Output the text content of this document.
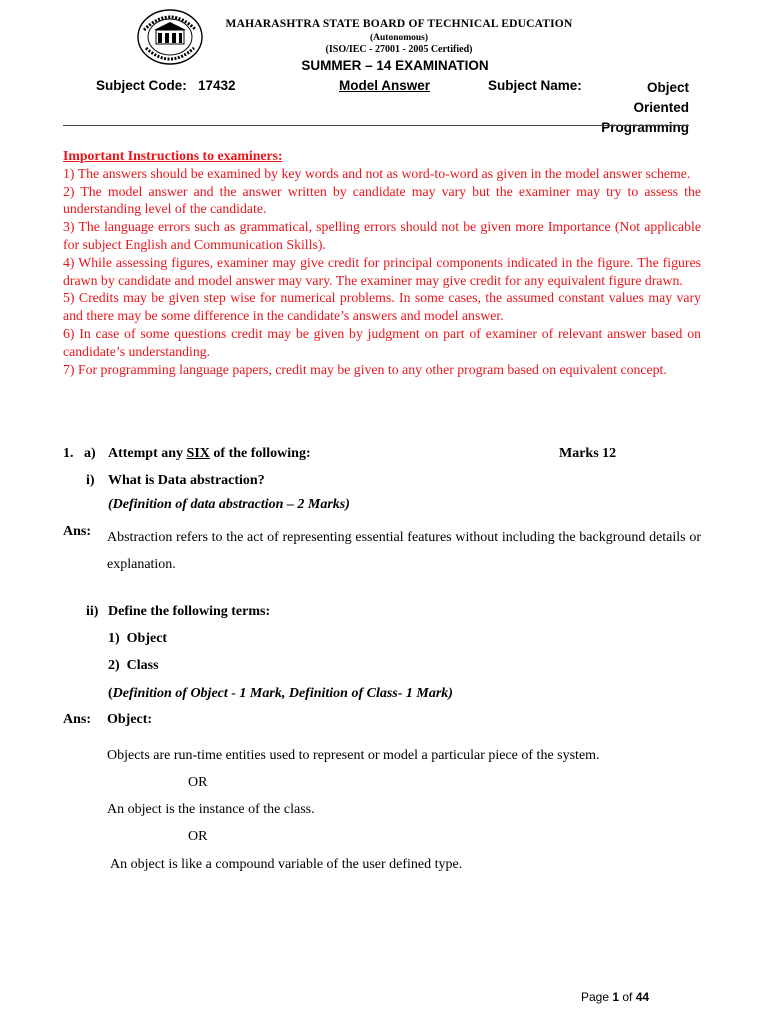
MAHARASHTRA STATE BOARD OF TECHNICAL EDUCATION
(Autonomous)
(ISO/IEC - 27001 - 2005 Certified)
SUMMER – 14 EXAMINATION
Subject Code: 17432	Model Answer	Subject Name:	Object Oriented Programming
Important Instructions to examiners:

1) The answers should be examined by key words and not as word-to-word as given in the model answer scheme.

2) The model answer and the answer written by candidate may vary but the examiner may try to assess the     understanding level of the candidate.

3) The language errors such as grammatical, spelling errors should not be given more Importance (Not applicable for subject English and Communication Skills).

4) While assessing figures, examiner may give credit for principal components indicated in the figure. The figures drawn by candidate and model answer may vary. The examiner may give credit for any equivalent figure drawn.

5) Credits may be given step wise for numerical problems. In some cases, the assumed constant values may vary and there may be some difference in the candidate’s answers and model answer.

6) In case of some questions credit may be given by judgment on part of examiner of relevant answer based on candidate’s understanding.

7) For programming language papers, credit may be given to any other program based on equivalent concept.

1. a) Attempt any SIX of the following:	Marks 12
i) What is Data abstraction?
(Definition of data abstraction – 2 Marks)
Ans: Abstraction refers to the act of representing essential features without including the background details or explanation.
ii) Define the following terms:
1)  Object
2)  Class
(Definition of Object - 1 Mark, Definition of Class- 1 Mark)
Ans: Object:
Objects are run-time entities used to represent or model a particular piece of the system.
OR
An object is the instance of the class.
OR
An object is like a compound variable of the user defined type.
Page 1 of 44
